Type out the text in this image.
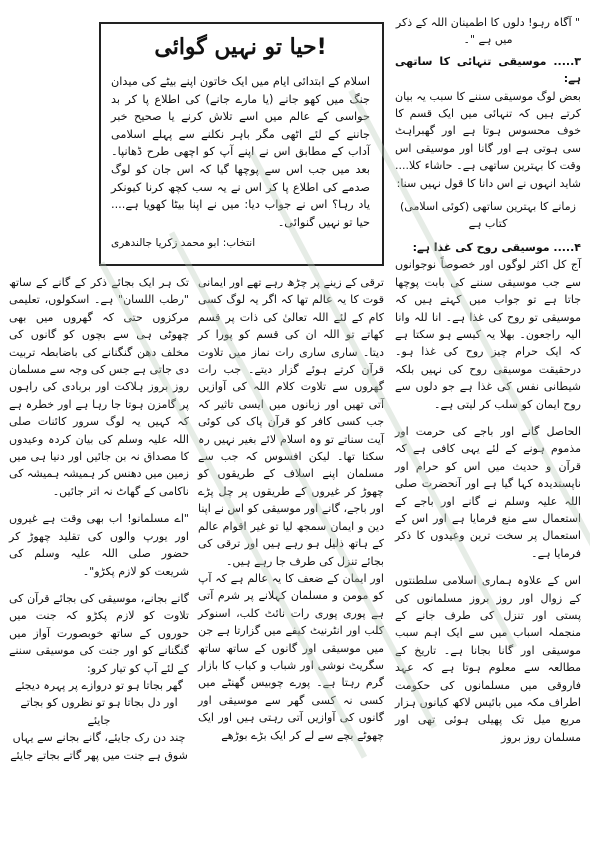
!حیا تو نہیں گوائی

اسلام کے ابتدائی ایام میں ایک خاتون اپنے بیٹے کی میدان جنگ میں کھو جانے (یا مارے جانے) کی اطلاع پا کر بد حواسی کے عالم میں اسے تلاش کرنے یا صحیح خبر جاننے کے لئے اٹھی مگر باہر نکلنے سے پہلے اسلامی آداب کے مطابق اس نے اپنے آپ کو اچھی طرح ڈھانپا۔ بعد میں جب اس سے پوچھا گیا کہ اس جان کو لوگ صدمے کی اطلاع پا کر اس نے یہ سب کچھ کرنا کیونکر یاد رہا؟ اس نے جواب دیا: میں نے اپنا بیٹا کھویا ہے.... حیا تو نہیں گنوائی۔

انتخاب: ابو محمد زکریا جالندھری

" آگاہ رہو! دلوں کا اطمینان اللہ کے ذکر میں ہے "۔

۳..... موسیقی تنہائی کا ساتھی ہے:

بعض لوگ موسیقی سننے کا سبب یہ بیان کرتے ہیں کہ تنہائی میں ایک قسم کا خوف محسوس ہوتا ہے اور گھبراہٹ سی ہوتی ہے اور گانا اور موسیقی اس وقت کا بہترین ساتھی ہے۔ حاشاء کلا.... شاید انہوں نے اس دانا کا قول نہیں سنا:

زمانے کا بہترین ساتھی (کوئی اسلامی) کتاب ہے

۴..... موسیقی روح کی غذا ہے:

آج کل اکثر لوگوں اور خصوصاً نوجوانوں سے جب موسیقی سننے کی بابت پوچھا جاتا ہے تو جواب میں کہتے ہیں کہ موسیقی تو روح کی غذا ہے۔ انا للہ وانا الیہ راجعون۔ بھلا یہ کیسے ہو سکتا ہے کہ ایک حرام چیز روح کی غذا ہو۔ درحقیقت موسیقی روح کی نہیں بلکہ شیطانی نفس کی غذا ہے جو دلوں سے روح ایمان کو سلب کر لیتی ہے۔

الحاصل گانے اور باجے کی حرمت اور مذموم ہونے کے لئے یہی کافی ہے کہ قرآن و حدیث میں اس کو حرام اور ناپسندیدہ کہا گیا ہے اور آنحضرت صلی اللہ علیہ وسلم نے گانے اور باجے کے استعمال سے منع فرمایا ہے اور اس کے استعمال پر سخت ترین وعیدوں کا ذکر فرمایا ہے۔

اس کے علاوہ ہماری اسلامی سلطنتوں کے زوال اور روز بروز مسلمانوں کی پستی اور تنزل کی طرف جانے کے منجملہ اسباب میں سے ایک اہم سبب موسیقی اور گانا بجانا ہے۔ تاریخ کے مطالعہ سے معلوم ہوتا ہے کہ عہد فاروقی میں مسلمانوں کی حکومت اطراف مکہ میں بائیس لاکھ کیانوں ہزار مربع میل تک پھیلی ہوئی تھی اور مسلمان روز بروز

ترقی کے زینے پر چڑھ رہے تھے اور ایمانی قوت کا یہ عالم تھا کہ اگر یہ لوگ کسی کام کے لئے اللہ تعالیٰ کی ذات پر قسم کھاتے تو اللہ ان کی قسم کو پورا کر دیتا۔ ساری ساری رات نماز میں تلاوت قرآن کرتے ہوئے گزار دیتے۔ جب رات گھروں سے تلاوت کلام اللہ کی آوازیں آتی تھیں اور زبانوں میں ایسی تاثیر کہ جب کسی کافر کو قرآن پاک کی کوئی آیت سناتے تو وہ اسلام لائے بغیر نہیں رہ سکتا تھا۔ لیکن افسوس کہ جب سے مسلمان اپنے اسلاف کے طریقوں کو چھوڑ کر غیروں کے طریقوں پر چل پڑے اور باجے، گانے اور موسیقی کو اس نے اپنا دین و ایمان سمجھ لیا تو غیر اقوام عالم کے ہاتھ ذلیل ہو رہے ہیں اور ترقی کی بجائے تنزل کی طرف جا رہے ہیں۔

اور ایمان کے ضعف کا یہ عالم ہے کہ آپ کو مومن و مسلمان کہلانے پر شرم آتی ہے پوری پوری رات نائٹ کلب، اسنوکر کلب اور انٹرنیٹ کیفے میں گزارتا ہے جن میں موسیقی اور گانوں کے ساتھ ساتھ سگریٹ نوشی اور شباب و کباب کا بازار گرم رہتا ہے۔ پورے چوبیس گھنٹے میں کسی نہ کسی گھر سے موسیقی اور گانوں کی آوازیں آتی رہتی ہیں اور ایک چھوٹے بچے سے لے کر ایک بڑے بوڑھے

تک ہر ایک بجائے ذکر کے گانے کے ساتھ "رطب اللسان" ہے۔ اسکولوں، تعلیمی مرکزوں حتی کہ گھروں میں بھی چھوٹی ہی سے بچوں کو گانوں کی مخلف دھن گنگنانے کی باضابطہ تربیت دی جاتی ہے جس کی وجہ سے مسلمان روز بروز ہلاکت اور بربادی کی راہوں پر گامزن ہوتا جا رہا ہے اور خطرہ ہے کہ کہیں یہ لوگ سرور کائنات صلی اللہ علیہ وسلم کی بیان کردہ وعیدوں کا مصداق نہ بن جائیں اور دنیا ہی میں زمین میں دھنس کر ہمیشہ ہمیشہ کی ناکامی کے گھاٹ نہ اتر جائیں۔

"اے مسلمانو! اب بھی وقت ہے غیروں اور یورپ والوں کی تقلید چھوڑ کر حضور صلی اللہ علیہ وسلم کی شریعت کو لازم پکڑو"۔

گانے بجانے، موسیقی کی بجائے قرآن کی تلاوت کو لازم پکڑو کہ جنت میں حوروں کے ساتھ خوبصورت آواز میں گنگنانے کو اور جنت کی موسیقی سننے کے لئے آپ کو تیار کرو:

گھر بجاتا ہو تو دروازے پر پہرہ دیجئے

اور دل بجاتا ہو تو نظروں کو بجاتے جایئے

چند دن رک جایئے، گانے بجانے سے یہاں

شوق ہے جنت میں پھر گاتے بجاتے جایئے
